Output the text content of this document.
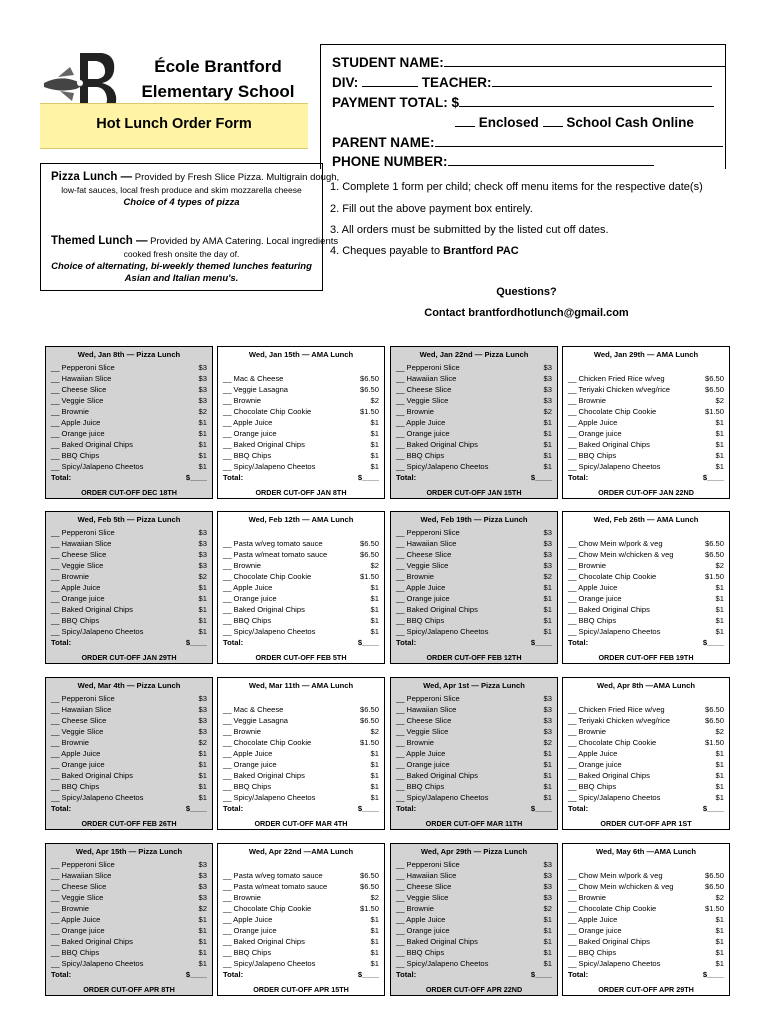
École Brantford
Elementary School
Hot Lunch Order Form
STUDENT NAME:
DIV:	TEACHER:
PAYMENT TOTAL: $
Enclosed School Cash Online
PARENT NAME:
PHONE NUMBER:
Pizza Lunch — Provided by Fresh Slice Pizza. Multigrain dough,
low-fat sauces, local fresh produce and skim mozzarella cheese
Choice of 4 types of pizza
Themed Lunch — Provided by AMA Catering. Local ingredients
cooked fresh onsite the day of.
Choice of alternating, bi-weekly themed lunches featuring
Asian and Italian menu's.
1. Complete 1 form per child; check off menu items for the respective date(s)
2. Fill out the above payment box entirely.
3. All orders must be submitted by the listed cut off dates.
4. Cheques payable to Brantford PAC
Questions?
Contact brantfordhotlunch@gmail.com
Wed, Jan 8th — Pizza Lunch
__ Pepperoni Slice	$3
__ Hawaiian Slice	$3
__ Cheese Slice	$3
__ Veggie Slice	$3
__ Brownie	$2
__ Apple Juice	$1
__ Orange juice	$1
__ Baked Original Chips	$1
__ BBQ Chips	$1
__ Spicy/Jalapeno Cheetos	$1
Total:	$____
ORDER CUT-OFF DEC 18TH
Wed, Jan 15th — AMA Lunch
__ Mac & Cheese	$6.50
__ Veggie Lasagna	$6.50
__ Brownie	$2
__ Chocolate Chip Cookie	$1.50
__ Apple Juice	$1
__ Orange juice	$1
__ Baked Original Chips	$1
__ BBQ Chips	$1
__ Spicy/Jalapeno Cheetos	$1
Total:	$____
ORDER CUT-OFF JAN 8TH
Wed, Jan 22nd — Pizza Lunch
__ Pepperoni Slice	$3
__ Hawaiian Slice	$3
__ Cheese Slice	$3
__ Veggie Slice	$3
__ Brownie	$2
__ Apple Juice	$1
__ Orange juice	$1
__ Baked Original Chips	$1
__ BBQ Chips	$1
__ Spicy/Jalapeno Cheetos	$1
Total:	$____
ORDER CUT-OFF JAN 15TH
Wed, Jan 29th — AMA Lunch
__ Chicken Fried Rice w/veg	$6.50
__ Teriyaki Chicken w/veg/rice	$6.50
__ Brownie	$2
__ Chocolate Chip Cookie	$1.50
__ Apple Juice	$1
__ Orange juice	$1
__ Baked Original Chips	$1
__ BBQ Chips	$1
__ Spicy/Jalapeno Cheetos	$1
Total:	$____
ORDER CUT-OFF JAN 22ND
Wed, Feb 5th — Pizza Lunch
__ Pepperoni Slice	$3
__ Hawaiian Slice	$3
__ Cheese Slice	$3
__ Veggie Slice	$3
__ Brownie	$2
__ Apple Juice	$1
__ Orange juice	$1
__ Baked Original Chips	$1
__ BBQ Chips	$1
__ Spicy/Jalapeno Cheetos	$1
Total:	$____
ORDER CUT-OFF JAN 29TH
Wed, Feb 12th — AMA Lunch
__ Pasta w/veg tomato sauce	$6.50
__ Pasta w/meat tomato sauce	$6.50
__ Brownie	$2
__ Chocolate Chip Cookie	$1.50
__ Apple Juice	$1
__ Orange juice	$1
__ Baked Original Chips	$1
__ BBQ Chips	$1
__ Spicy/Jalapeno Cheetos	$1
Total:	$____
ORDER CUT-OFF FEB 5TH
Wed, Feb 19th — Pizza Lunch
__ Pepperoni Slice	$3
__ Hawaiian Slice	$3
__ Cheese Slice	$3
__ Veggie Slice	$3
__ Brownie	$2
__ Apple Juice	$1
__ Orange juice	$1
__ Baked Original Chips	$1
__ BBQ Chips	$1
__ Spicy/Jalapeno Cheetos	$1
Total:	$____
ORDER CUT-OFF FEB 12TH
Wed, Feb 26th — AMA Lunch
__ Chow Mein w/pork & veg	$6.50
__ Chow Mein w/chicken & veg	$6.50
__ Brownie	$2
__ Chocolate Chip Cookie	$1.50
__ Apple Juice	$1
__ Orange juice	$1
__ Baked Original Chips	$1
__ BBQ Chips	$1
__ Spicy/Jalapeno Cheetos	$1
Total:	$____
ORDER CUT-OFF FEB 19TH
Wed, Mar 4th — Pizza Lunch
__ Pepperoni Slice	$3
__ Hawaiian Slice	$3
__ Cheese Slice	$3
__ Veggie Slice	$3
__ Brownie	$2
__ Apple Juice	$1
__ Orange juice	$1
__ Baked Original Chips	$1
__ BBQ Chips	$1
__ Spicy/Jalapeno Cheetos	$1
Total:	$____
ORDER CUT-OFF FEB 26TH
Wed, Mar 11th — AMA Lunch
__ Mac & Cheese	$6.50
__ Veggie Lasagna	$6.50
__ Brownie	$2
__ Chocolate Chip Cookie	$1.50
__ Apple Juice	$1
__ Orange juice	$1
__ Baked Original Chips	$1
__ BBQ Chips	$1
__ Spicy/Jalapeno Cheetos	$1
Total:	$____
ORDER CUT-OFF MAR 4TH
Wed, Apr 1st — Pizza Lunch
__ Pepperoni Slice	$3
__ Hawaiian Slice	$3
__ Cheese Slice	$3
__ Veggie Slice	$3
__ Brownie	$2
__ Apple Juice	$1
__ Orange juice	$1
__ Baked Original Chips	$1
__ BBQ Chips	$1
__ Spicy/Jalapeno Cheetos	$1
Total:	$____
ORDER CUT-OFF MAR 11TH
Wed, Apr 8th —AMA Lunch
__ Chicken Fried Rice w/veg	$6.50
__ Teriyaki Chicken w/veg/rice	$6.50
__ Brownie	$2
__ Chocolate Chip Cookie	$1.50
__ Apple Juice	$1
__ Orange juice	$1
__ Baked Original Chips	$1
__ BBQ Chips	$1
__ Spicy/Jalapeno Cheetos	$1
Total:	$____
ORDER CUT-OFF APR 1ST
Wed, Apr 15th — Pizza Lunch
__ Pepperoni Slice	$3
__ Hawaiian Slice	$3
__ Cheese Slice	$3
__ Veggie Slice	$3
__ Brownie	$2
__ Apple Juice	$1
__ Orange juice	$1
__ Baked Original Chips	$1
__ BBQ Chips	$1
__ Spicy/Jalapeno Cheetos	$1
Total:	$____
ORDER CUT-OFF APR 8TH
Wed, Apr 22nd —AMA Lunch
__ Pasta w/veg tomato sauce	$6.50
__ Pasta w/meat tomato sauce	$6.50
__ Brownie	$2
__ Chocolate Chip Cookie	$1.50
__ Apple Juice	$1
__ Orange juice	$1
__ Baked Original Chips	$1
__ BBQ Chips	$1
__ Spicy/Jalapeno Cheetos	$1
Total:	$____
ORDER CUT-OFF APR 15TH
Wed, Apr 29th — Pizza Lunch
__ Pepperoni Slice	$3
__ Hawaiian Slice	$3
__ Cheese Slice	$3
__ Veggie Slice	$3
__ Brownie	$2
__ Apple Juice	$1
__ Orange juice	$1
__ Baked Original Chips	$1
__ BBQ Chips	$1
__ Spicy/Jalapeno Cheetos	$1
Total:	$____
ORDER CUT-OFF APR 22ND
Wed, May 6th —AMA Lunch
__ Chow Mein w/pork & veg	$6.50
__ Chow Mein w/chicken & veg	$6.50
__ Brownie	$2
__ Chocolate Chip Cookie	$1.50
__ Apple Juice	$1
__ Orange juice	$1
__ Baked Original Chips	$1
__ BBQ Chips	$1
__ Spicy/Jalapeno Cheetos	$1
Total:	$____
ORDER CUT-OFF APR 29TH
